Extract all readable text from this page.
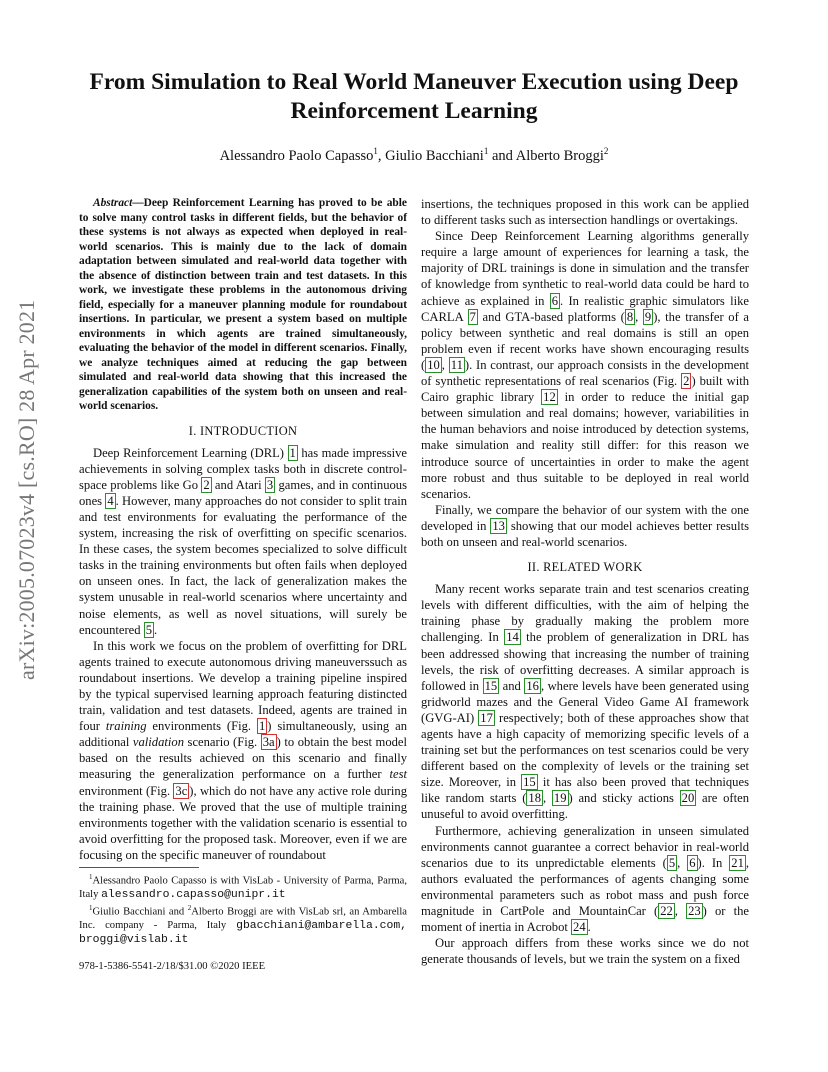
arXiv:2005.07023v4 [cs.RO] 28 Apr 2021
From Simulation to Real World Maneuver Execution using Deep Reinforcement Learning
Alessandro Paolo Capasso$^1$, Giulio Bacchiani$^1$ and Alberto Broggi$^2$

Abstract—Deep Reinforcement Learning has proved to be able to solve many control tasks in different fields, but the behavior of these systems is not always as expected when deployed in real-world scenarios. This is mainly due to the lack of domain adaptation between simulated and real-world data together with the absence of distinction between train and test datasets. In this work, we investigate these problems in the autonomous driving field, especially for a maneuver planning module for roundabout insertions. In particular, we present a system based on multiple environments in which agents are trained simultaneously, evaluating the behavior of the model in different scenarios. Finally, we analyze techniques aimed at reducing the gap between simulated and real-world data showing that this increased the generalization capabilities of the system both on unseen and real-world scenarios.

I. INTRODUCTION

Deep Reinforcement Learning (DRL) 1 has made impressive achievements in solving complex tasks both in discrete control-space problems like Go 2 and Atari 3 games, and in continuous ones 4 . However, many approaches do not consider to split train and test environments for evaluating the performance of the system, increasing the risk of overfitting on specific scenarios. In these cases, the system becomes specialized to solve difficult tasks in the training environments but often fails when deployed on unseen ones. In fact, the lack of generalization makes the system unusable in real-world scenarios where uncertainty and noise elements, as well as novel situations, will surely be encountered 5 .

In this work we focus on the problem of overfitting for DRL agents trained to execute autonomous driving maneuverssuch as roundabout insertions. We develop a training pipeline inspired by the typical supervised learning approach featuring distincted train, validation and test datasets. Indeed, agents are trained in four training environments (Fig. 1 ) simultaneously, using an additional validation scenario (Fig. 3a ) to obtain the best model based on the results achieved on this scenario and finally measuring the generalization performance on a further test environment (Fig. 3c ), which do not have any active role during the training phase. We proved that the use of multiple training environments together with the validation scenario is essential to avoid overfitting for the proposed task. Moreover, even if we are focusing on the specific maneuver of roundabout

$^1$Alessandro Paolo Capasso is with VisLab - University of Parma, Parma, Italy alessandro.capasso@unipr.it

$^1$Giulio Bacchiani and $^2$Alberto Broggi are with VisLab srl, an Ambarella Inc. company - Parma, Italy gbacchiani@ambarella.com, broggi@vislab.it

978-1-5386-5541-2/18/$31.00 ©2020 IEEE

insertions, the techniques proposed in this work can be applied to different tasks such as intersection handlings or overtakings.

Since Deep Reinforcement Learning algorithms generally require a large amount of experiences for learning a task, the majority of DRL trainings is done in simulation and the transfer of knowledge from synthetic to real-world data could be hard to achieve as explained in 6 . In realistic graphic simulators like CARLA 7 and GTA-based platforms ( 8 , 9 ), the transfer of a policy between synthetic and real domains is still an open problem even if recent works have shown encouraging results ( 10 , 11 ). In contrast, our approach consists in the development of synthetic representations of real scenarios (Fig. 2 ) built with Cairo graphic library 12 in order to reduce the initial gap between simulation and real domains; however, variabilities in the human behaviors and noise introduced by detection systems, make simulation and reality still differ: for this reason we introduce source of uncertainties in order to make the agent more robust and thus suitable to be deployed in real world scenarios.

Finally, we compare the behavior of our system with the one developed in 13 showing that our model achieves better results both on unseen and real-world scenarios.

II. RELATED WORK

Many recent works separate train and test scenarios creating levels with different difficulties, with the aim of helping the training phase by gradually making the problem more challenging. In 14 the problem of generalization in DRL has been addressed showing that increasing the number of training levels, the risk of overfitting decreases. A similar approach is followed in 15 and 16 , where levels have been generated using gridworld mazes and the General Video Game AI framework (GVG-AI) 17 respectively; both of these approaches show that agents have a high capacity of memorizing specific levels of a training set but the performances on test scenarios could be very different based on the complexity of levels or the training set size. Moreover, in 15 it has also been proved that techniques like random starts ( 18 , 19 ) and sticky actions 20 are often unuseful to avoid overfitting.

Furthermore, achieving generalization in unseen simulated environments cannot guarantee a correct behavior in real-world scenarios due to its unpredictable elements ( 5 , 6 ). In 21 , authors evaluated the performances of agents changing some environmental parameters such as robot mass and push force magnitude in CartPole and MountainCar ( 22 , 23 ) or the moment of inertia in Acrobot 24 .

Our approach differs from these works since we do not generate thousands of levels, but we train the system on a fixed
